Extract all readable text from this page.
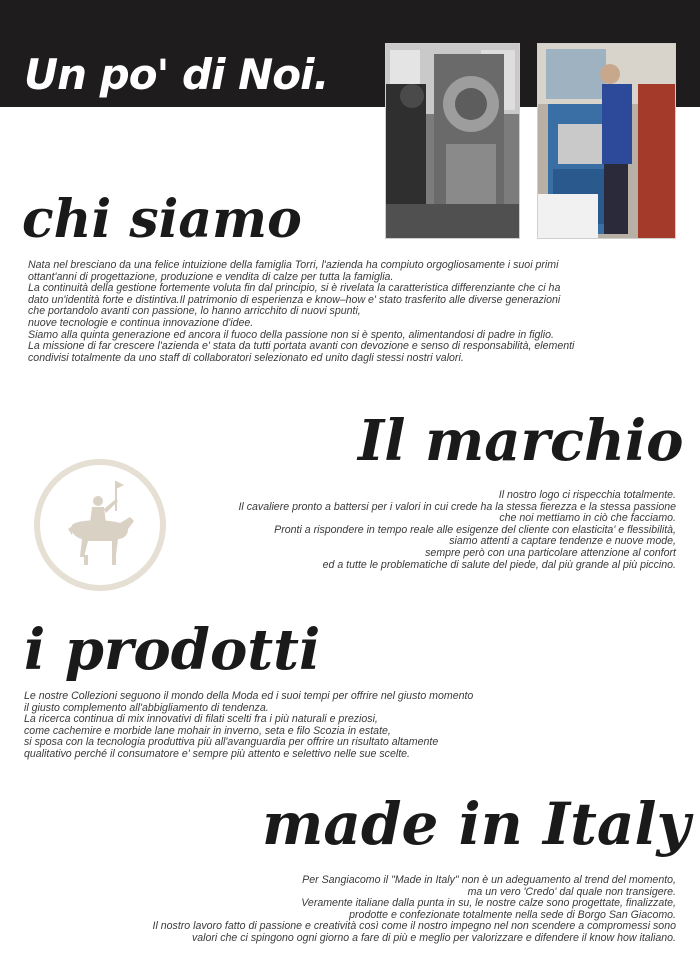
Un po' di Noi.
chi siamo
Nata nel bresciano da una felice intuizione della famiglia Torri, l'azienda ha compiuto orgogliosamente i suoi primi
ottant'anni di progettazione, produzione e vendita di calze per tutta la famiglia.
La continuità della gestione fortemente voluta fin dal principio, si è rivelata la caratteristica differenziante che ci ha
dato un'identità forte e distintiva.Il patrimonio di esperienza e know–how e' stato trasferito alle diverse generazioni
che portandolo avanti con passione, lo hanno arricchito di nuovi spunti,
nuove tecnologie e continua innovazione d'idee.
Siamo alla quinta generazione ed ancora il fuoco della passione non si è spento, alimentandosi di padre in figlio.
La missione di far crescere l'azienda e' stata da tutti portata avanti con devozione e senso di responsabilità, elementi
condivisi totalmente da uno staff di collaboratori selezionato ed unito dagli stessi nostri valori.
Il marchio
Il nostro logo ci rispecchia totalmente.
Il cavaliere pronto a battersi per i valori in cui crede ha la stessa fierezza e la stessa passione
che noi mettiamo in ciò che facciamo.
Pronti a rispondere in tempo reale alle esigenze del cliente con elasticita' e flessibilità,
siamo attenti a captare tendenze e nuove mode,
sempre però con una particolare attenzione al confort
ed a tutte le problematiche di salute del piede, dal più grande al più piccino.
i prodotti
Le nostre Collezioni seguono il mondo della Moda ed i suoi tempi per offrire nel giusto momento
il giusto complemento all'abbigliamento di tendenza.
La ricerca continua di mix innovativi di filati scelti fra i più naturali e preziosi,
come cachemire e morbide lane mohair in inverno, seta e filo Scozia in estate,
si sposa con la tecnologia produttiva più all'avanguardia per offrire un risultato altamente
qualitativo perché il consumatore e' sempre più attento e selettivo nelle sue scelte.
made in Italy
Per Sangiacomo il "Made in Italy" non è un adeguamento al trend del momento,
ma un vero 'Credo' dal quale non transigere.
Veramente italiane dalla punta in su, le nostre calze sono progettate, finalizzate,
prodotte e confezionate totalmente nella sede di Borgo San Giacomo.
Il nostro lavoro fatto di passione e creatività così come il nostro impegno nel non scendere a compromessi sono
valori che ci spingono ogni giorno a fare di più e meglio per valorizzare e difendere il know how italiano.
